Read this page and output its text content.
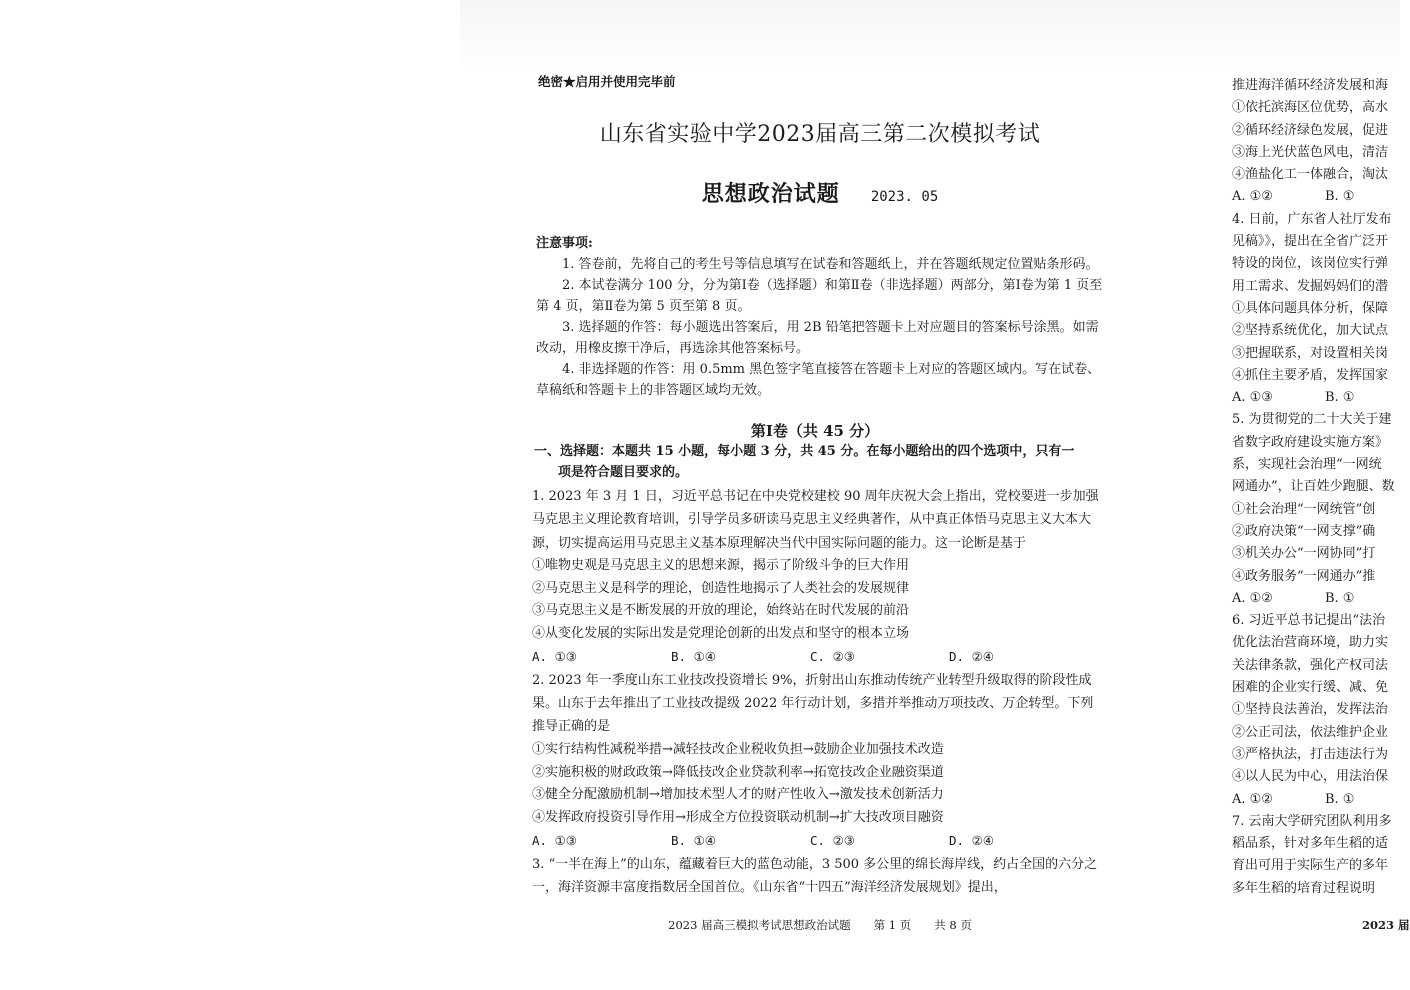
绝密★启用并使用完毕前
山东省实验中学2023届高三第二次模拟考试
思想政治试题 2023. 05
注意事项:
1. 答卷前，先将自己的考生号等信息填写在试卷和答题纸上，并在答题纸规定位置贴条形码。
2. 本试卷满分 100 分，分为第Ⅰ卷（选择题）和第Ⅱ卷（非选择题）两部分，第Ⅰ卷为第 1 页至第 4 页，第Ⅱ卷为第 5 页至第 8 页。
3. 选择题的作答：每小题选出答案后，用 2B 铅笔把答题卡上对应题目的答案标号涂黑。如需改动，用橡皮擦干净后，再选涂其他答案标号。
4. 非选择题的作答：用 0.5mm 黑色签字笔直接答在答题卡上对应的答题区域内。写在试卷、草稿纸和答题卡上的非答题区域均无效。
第Ⅰ卷（共 45 分）
一、选择题：本题共 15 小题，每小题 3 分，共 45 分。在每小题给出的四个选项中，只有一
项是符合题目要求的。
1. 2023 年 3 月 1 日，习近平总书记在中央党校建校 90 周年庆祝大会上指出，党校要进一步加强马克思主义理论教育培训，引导学员多研读马克思主义经典著作，从中真正体悟马克思主义大本大源，切实提高运用马克思主义基本原理解决当代中国实际问题的能力。这一论断是基于
①唯物史观是马克思主义的思想来源，揭示了阶级斗争的巨大作用
②马克思主义是科学的理论，创造性地揭示了人类社会的发展规律
③马克思主义是不断发展的开放的理论，始终站在时代发展的前沿
④从变化发展的实际出发是党理论创新的出发点和坚守的根本立场
A. ①③	B. ①④	C. ②③	D. ②④
2. 2023 年一季度山东工业技改投资增长 9%，折射出山东推动传统产业转型升级取得的阶段性成果。山东于去年推出了工业技改提级 2022 年行动计划，多措并举推动万项技改、万企转型。下列推导正确的是
①实行结构性减税举措→减轻技改企业税收负担→鼓励企业加强技术改造
②实施积极的财政政策→降低技改企业贷款利率→拓宽技改企业融资渠道
③健全分配激励机制→增加技术型人才的财产性收入→激发技术创新活力
④发挥政府投资引导作用→形成全方位投资联动机制→扩大技改项目融资
A. ①③	B. ①④	C. ②③	D. ②④
3. “一半在海上”的山东，蕴藏着巨大的蓝色动能，3 500 多公里的绵长海岸线，约占全国的六分之一，海洋资源丰富度指数居全国首位。《山东省“十四五”海洋经济发展规划》提出，
2023 届高三模拟考试思想政治试题　　第 1 页　　共 8 页
推进海洋循环经济发展和海
①依托滨海区位优势，高水
②循环经济绿色发展，促进
③海上光伏蓝色风电，清洁
④渔盐化工一体融合，淘汰
A. ①②　　　　B. ①
4. 日前，广东省人社厅发布
见稿》》，提出在全省广泛开
特设的岗位，该岗位实行弹
用工需求、发掘妈妈们的潜
①具体问题具体分析，保障
②坚持系统优化，加大试点
③把握联系，对设置相关岗
④抓住主要矛盾，发挥国家
A. ①③　　　　B. ①
5. 为贯彻党的二十大关于建
省数字政府建设实施方案》
系，实现社会治理“一网统
网通办”，让百姓少跑腿、数
①社会治理“一网统管”创
②政府决策“一网支撑”确
③机关办公“一网协同”打
④政务服务“一网通办”推
A. ①②　　　　B. ①
6. 习近平总书记提出“法治
优化法治营商环境，助力实
关法律条款，强化产权司法
困难的企业实行缓、减、免
①坚持良法善治，发挥法治
②公正司法，依法维护企业
③严格执法，打击违法行为
④以人民为中心，用法治保
A. ①②　　　　B. ①
7. 云南大学研究团队利用多
稻品系，针对多年生稻的适
育出可用于实际生产的多年
多年生稻的培育过程说明
2023 届
